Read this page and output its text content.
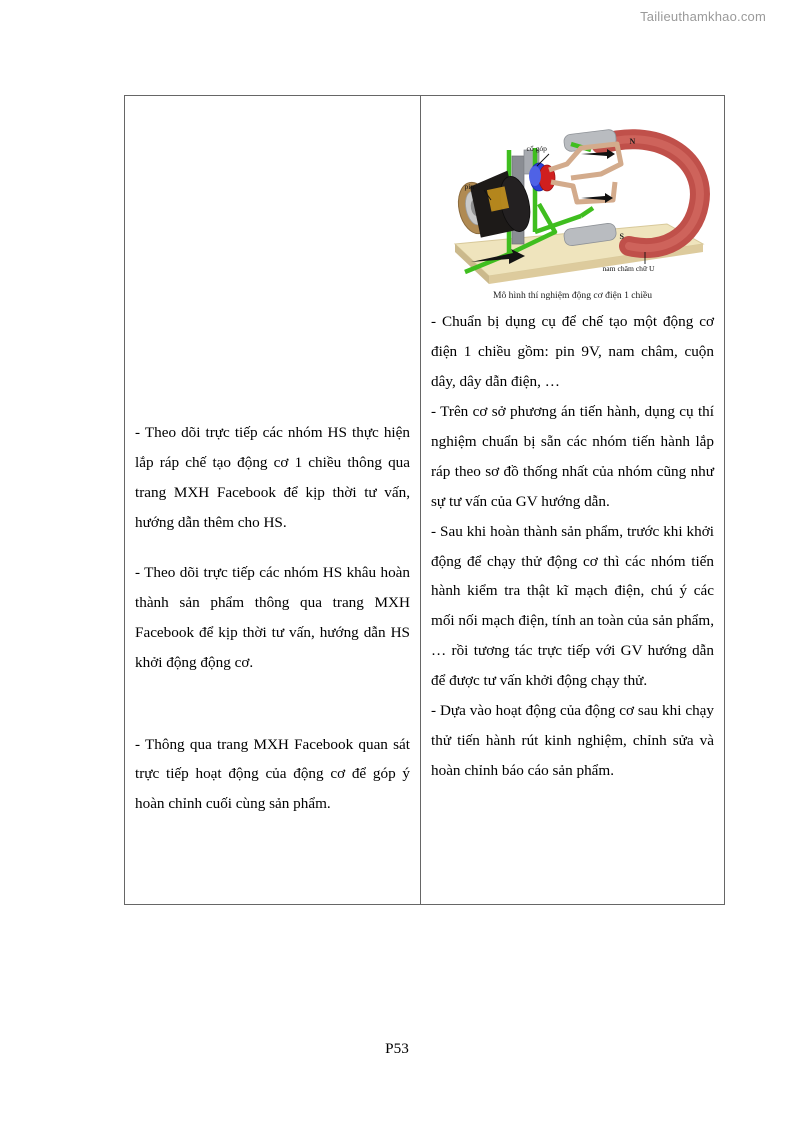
Tailieuthamkhao.com

- Theo dõi trực tiếp các nhóm HS thực hiện lắp ráp chế tạo động cơ 1 chiều thông qua trang MXH Facebook để kịp thời tư vấn, hướng dẫn thêm cho HS.

- Theo dõi trực tiếp các nhóm HS khâu hoàn thành sản phẩm thông qua trang MXH Facebook để kịp thời tư vấn, hướng dẫn HS khởi động động cơ.

- Thông qua trang MXH Facebook quan sát trực tiếp hoạt động của động cơ để góp ý hoàn chỉnh cuối cùng sản phẩm.

cổ góp
pin
nam châm chữ U
N
S
Mô hình thí nghiệm động cơ điện 1 chiều

- Chuẩn bị dụng cụ để chế tạo một động cơ điện 1 chiều gồm: pin 9V, nam châm, cuộn dây, dây dẫn điện, …

- Trên cơ sở phương án tiến hành, dụng cụ thí nghiệm chuẩn bị sẵn các nhóm tiến hành lắp ráp theo sơ đồ thống nhất của nhóm cũng như sự tư vấn của GV hướng dẫn.

- Sau khi hoàn thành sản phẩm, trước khi khởi động để chạy thử động cơ thì các nhóm tiến hành kiểm tra thật kĩ mạch điện, chú ý các mối nối mạch điện, tính an toàn của sản phẩm, … rồi tương tác trực tiếp với GV hướng dẫn để được tư vấn khởi động chạy thử.

- Dựa vào hoạt động của động cơ sau khi chạy thử tiến hành rút kinh nghiệm, chỉnh sửa và hoàn chỉnh báo cáo sản phẩm.

P53
